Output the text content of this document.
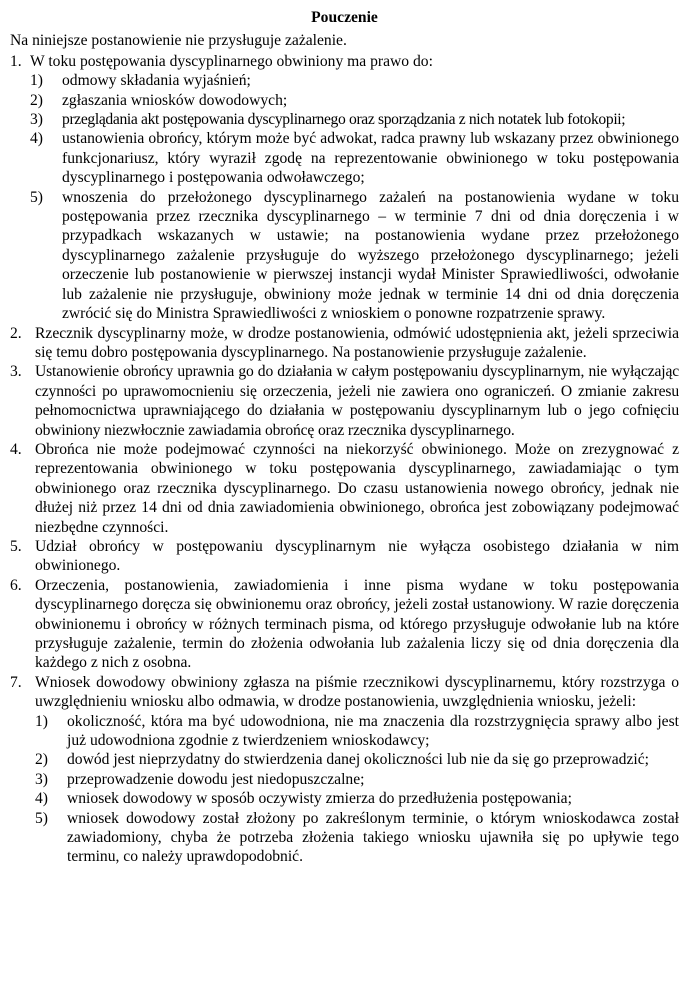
Pouczenie
Na niniejsze postanowienie nie przysługuje zażalenie.
1. W toku postępowania dyscyplinarnego obwiniony ma prawo do:
1)	odmowy składania wyjaśnień;
2)	zgłaszania wniosków dowodowych;
3)	przeglądania akt postępowania dyscyplinarnego oraz sporządzania z nich notatek lub fotokopii;
4)	ustanowienia obrońcy, którym może być adwokat, radca prawny lub wskazany przez obwinionego funkcjonariusz, który wyraził zgodę na reprezentowanie obwinionego w toku postępowania dyscyplinarnego i postępowania odwoławczego;
5)	wnoszenia do przełożonego dyscyplinarnego zażaleń na postanowienia wydane w toku postępowania przez rzecznika dyscyplinarnego – w terminie 7 dni od dnia doręczenia i w przypadkach wskazanych w ustawie; na postanowienia wydane przez przełożonego dyscyplinarnego zażalenie przysługuje do wyższego przełożonego dyscyplinarnego; jeżeli orzeczenie lub postanowienie w pierwszej instancji wydał Minister Sprawiedliwości, odwołanie lub zażalenie nie przysługuje, obwiniony może jednak w terminie 14 dni od dnia doręczenia zwrócić się do Ministra Sprawiedliwości z wnioskiem o ponowne rozpatrzenie sprawy.
2. Rzecznik dyscyplinarny może, w drodze postanowienia, odmówić udostępnienia akt, jeżeli sprzeciwia się temu dobro postępowania dyscyplinarnego. Na postanowienie przysługuje zażalenie.
3. Ustanowienie obrońcy uprawnia go do działania w całym postępowaniu dyscyplinarnym, nie wyłączając czynności po uprawomocnieniu się orzeczenia, jeżeli nie zawiera ono ograniczeń. O zmianie zakresu pełnomocnictwa uprawniającego do działania w postępowaniu dyscyplinarnym lub o jego cofnięciu obwiniony niezwłocznie zawiadamia obrońcę oraz rzecznika dyscyplinarnego.
4. Obrońca nie może podejmować czynności na niekorzyść obwinionego. Może on zrezygnować z reprezentowania obwinionego w toku postępowania dyscyplinarnego, zawiadamiając o tym obwinionego oraz rzecznika dyscyplinarnego. Do czasu ustanowienia nowego obrońcy, jednak nie dłużej niż przez 14 dni od dnia zawiadomienia obwinionego, obrońca jest zobowiązany podejmować niezbędne czynności.
5. Udział obrońcy w postępowaniu dyscyplinarnym nie wyłącza osobistego działania w nim obwinionego.
6. Orzeczenia, postanowienia, zawiadomienia i inne pisma wydane w toku postępowania dyscyplinarnego doręcza się obwinionemu oraz obrońcy, jeżeli został ustanowiony. W razie doręczenia obwinionemu i obrońcy w różnych terminach pisma, od którego przysługuje odwołanie lub na które przysługuje zażalenie, termin do złożenia odwołania lub zażalenia liczy się od dnia doręczenia dla każdego z nich z osobna.
7. Wniosek dowodowy obwiniony zgłasza na piśmie rzecznikowi dyscyplinarnemu, który rozstrzyga o uwzględnieniu wniosku albo odmawia, w drodze postanowienia, uwzględnienia wniosku, jeżeli:
1)	okoliczność, która ma być udowodniona, nie ma znaczenia dla rozstrzygnięcia sprawy albo jest już udowodniona zgodnie z twierdzeniem wnioskodawcy;
2)	dowód jest nieprzydatny do stwierdzenia danej okoliczności lub nie da się go przeprowadzić;
3)	przeprowadzenie dowodu jest niedopuszczalne;
4)	wniosek dowodowy w sposób oczywisty zmierza do przedłużenia postępowania;
5)	wniosek dowodowy został złożony po zakreślonym terminie, o którym wnioskodawca został zawiadomiony, chyba że potrzeba złożenia takiego wniosku ujawniła się po upływie tego terminu, co należy uprawdopodobnić.
